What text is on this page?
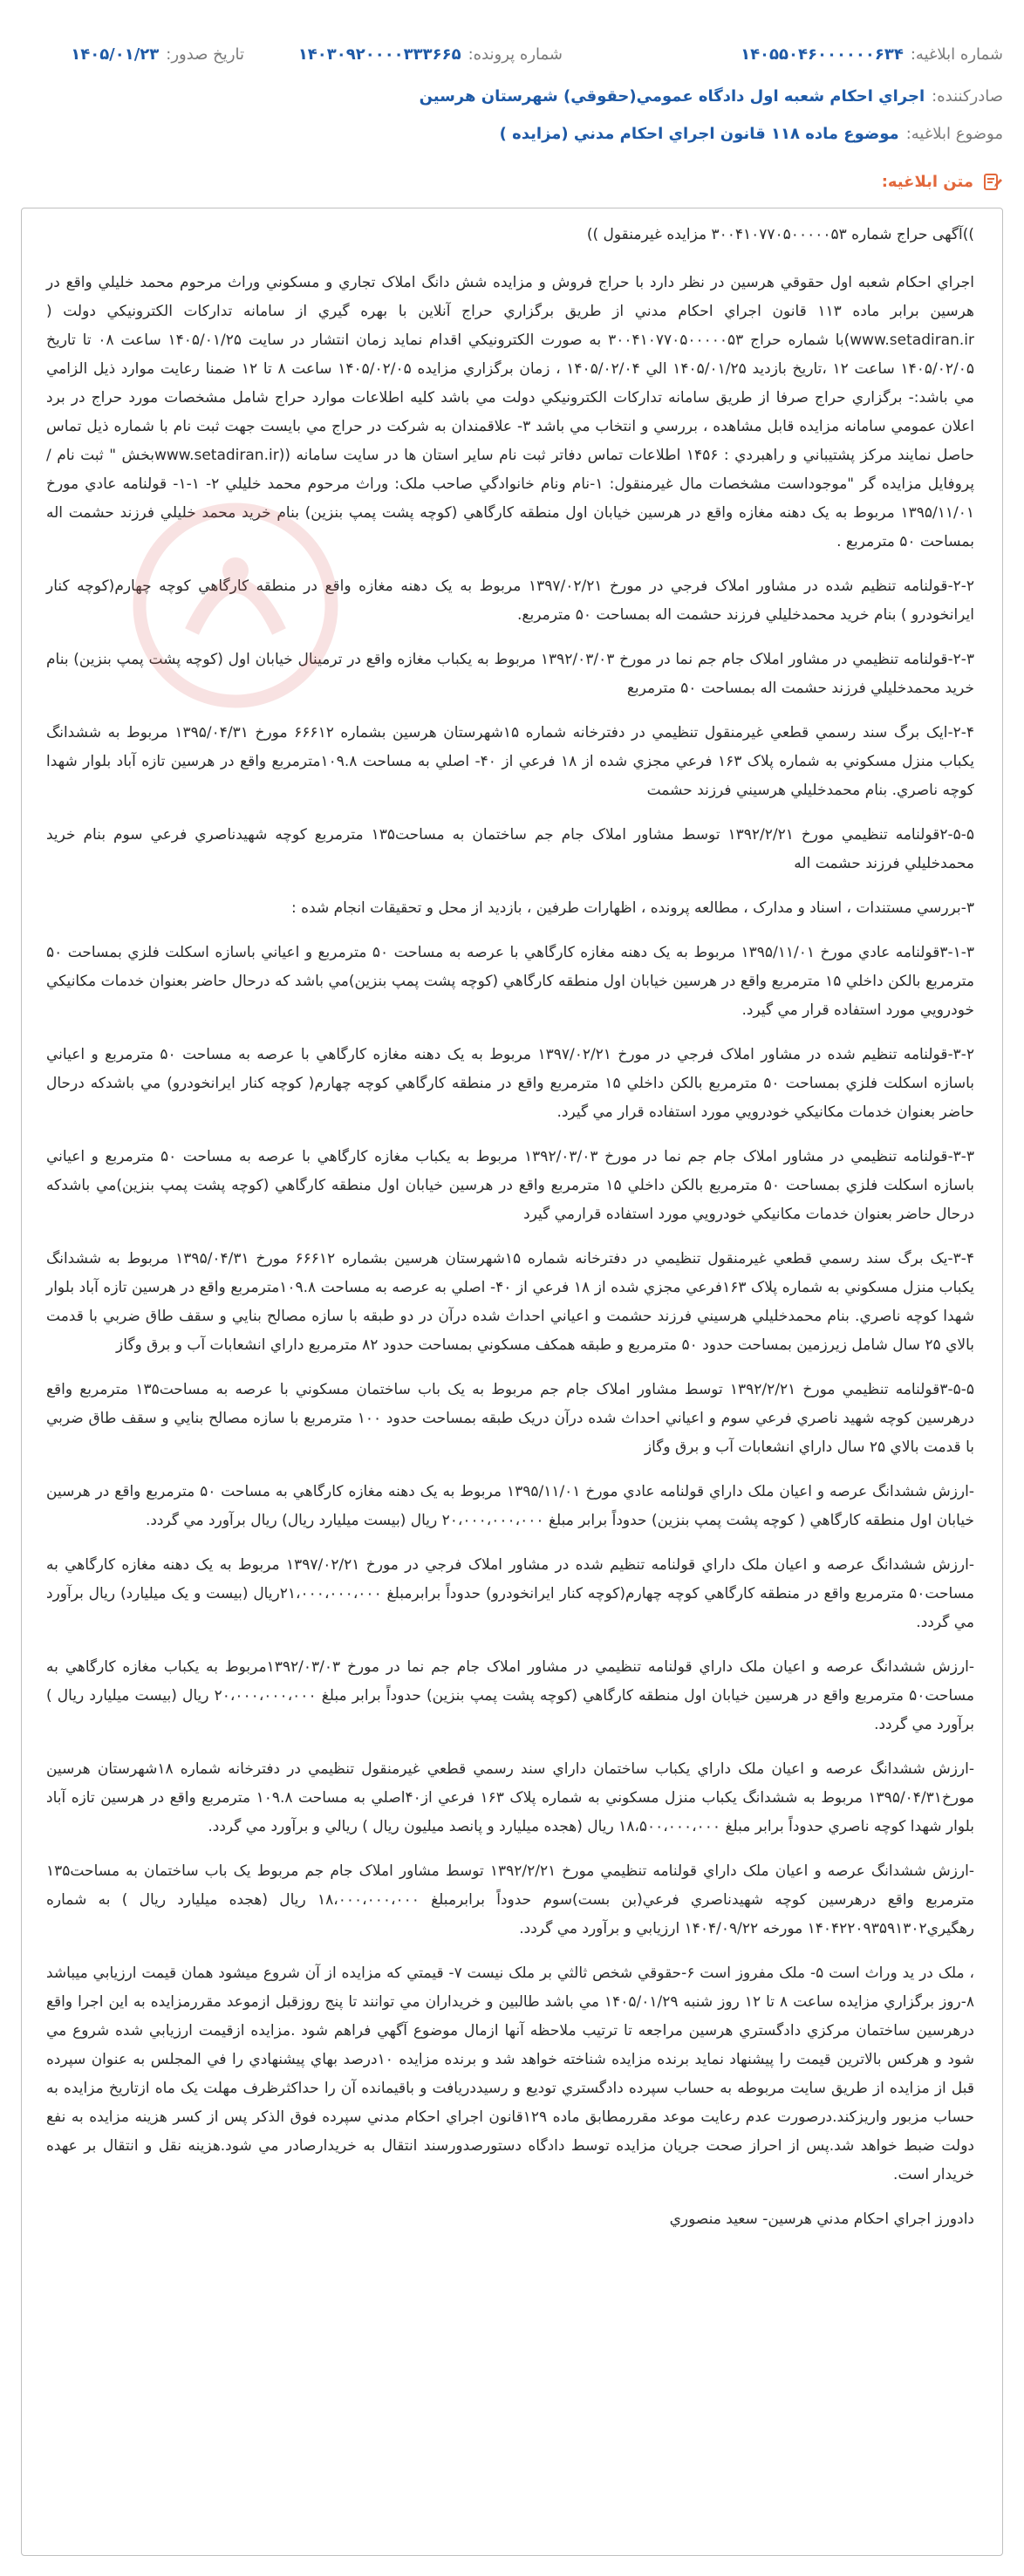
شماره ابلاغيه:
۱۴۰۵۵۰۴۶۰۰۰۰۰۰۶۳۴
شماره پرونده:
۱۴۰۳۰۹۲۰۰۰۰۳۳۳۶۶۵
تاريخ صدور:
۱۴۰۵/۰۱/۲۳
صادرکننده:
اجراي احکام شعبه اول دادگاه عمومي(حقوقي) شهرستان هرسين
موضوع ابلاغيه:
موضوع ماده ۱۱۸ قانون اجراي احکام مدني (مزايده )
متن ابلاغيه:

))آگهی حراج شماره ۳۰۰۴۱۰۷۷۰۵۰۰۰۰۰۵۳ مزایده غیرمنقول ))

اجراي احکام شعبه اول حقوقي هرسين در نظر دارد با حراج فروش و مزايده شش دانگ املاک تجاري و مسکوني وراث مرحوم محمد خليلي واقع در هرسين برابر ماده ۱۱۳ قانون اجراي احکام مدني از طريق برگزاري حراج آنلاين با بهره گيري از سامانه تدارکات الکترونيکي دولت ( www.setadiran.ir)با شماره حراج ۳۰۰۴۱۰۷۷۰۵۰۰۰۰۰۵۳ به صورت الکترونيکي اقدام نمايد زمان انتشار در سايت ۱۴۰۵/۰۱/۲۵ ساعت ۰۸ تا تاريخ ۱۴۰۵/۰۲/۰۵ ساعت ۱۲ ،تاريخ بازديد ۱۴۰۵/۰۱/۲۵ الي ۱۴۰۵/۰۲/۰۴ ، زمان برگزاري مزايده ۱۴۰۵/۰۲/۰۵ ساعت ۸ تا ۱۲ ضمنا رعايت موارد ذيل الزامي مي باشد:- برگزاري حراج صرفا از طريق سامانه تدارکات الکترونيکي دولت مي باشد کليه اطلاعات موارد حراج شامل مشخصات مورد حراج در برد اعلان عمومي سامانه مزايده قابل مشاهده ، بررسي و انتخاب مي باشد ۳- علاقمندان به شرکت در حراج مي بايست جهت ثبت نام با شماره ذيل تماس حاصل نمايند مرکز پشتيباني و راهبردي : ۱۴۵۶ اطلاعات تماس دفاتر ثبت نام ساير استان ها در سايت سامانه ((www.setadiran.irبخش " ثبت نام /پروفايل مزايده گر "موجوداست مشخصات مال غيرمنقول: ۱-نام ونام خانوادگي صاحب ملک: وراث مرحوم محمد خليلي ۲- ۱-۱- قولنامه عادي مورخ ۱۳۹۵/۱۱/۰۱ مربوط به يک دهنه مغازه واقع در هرسين خيابان اول منطقه کارگاهي (کوچه پشت پمپ بنزين) بنام خريد محمد خليلي فرزند حشمت اله بمساحت ۵۰ مترمربع .

۲-۲-قولنامه تنظيم شده در مشاور املاک فرجي در مورخ ۱۳۹۷/۰۲/۲۱ مربوط به يک دهنه مغازه واقع در منطقه کارگاهي کوچه چهارم(کوچه کنار ايرانخودرو ) بنام خريد محمدخليلي فرزند حشمت اله بمساحت ۵۰ مترمربع.

۲-۳-قولنامه تنظيمي در مشاور املاک جام جم نما در مورخ ۱۳۹۲/۰۳/۰۳ مربوط به يکباب مغازه واقع در ترمينال خيابان اول (کوچه پشت پمپ بنزين) بنام خريد محمدخليلي فرزند حشمت اله بمساحت ۵۰ مترمربع

۲-۴-ايک برگ سند رسمي قطعي غيرمنقول تنظيمي در دفترخانه شماره ۱۵شهرستان هرسين بشماره ۶۶۶۱۲ مورخ ۱۳۹۵/۰۴/۳۱ مربوط به ششدانگ يکباب منزل مسکوني به شماره پلاک ۱۶۳ فرعي مجزي شده از ۱۸ فرعي از ۴۰- اصلي به مساحت ۱۰۹.۸مترمربع واقع در هرسين تازه آباد بلوار شهدا کوچه ناصري. بنام محمدخليلي هرسيني فرزند حشمت

۲-۵-۵قولنامه تنظيمي مورخ ۱۳۹۲/۲/۲۱ توسط مشاور املاک جام جم ساختمان به مساحت۱۳۵ مترمربع کوچه شهيدناصري فرعي سوم بنام خريد محمدخليلي فرزند حشمت اله

۳-بررسي مستندات ، اسناد و مدارک ، مطالعه پرونده ، اظهارات طرفين ، بازديد از محل و تحقيقات انجام شده :

۳-۱-۳قولنامه عادي مورخ ۱۳۹۵/۱۱/۰۱ مربوط به يک دهنه مغازه کارگاهي با عرصه به مساحت ۵۰ مترمربع و اعياني باسازه اسکلت فلزي بمساحت ۵۰ مترمربع بالکن داخلي ۱۵ مترمربع واقع در هرسين خيابان اول منطقه کارگاهي (کوچه پشت پمپ بنزين)مي باشد که درحال حاضر بعنوان خدمات مکانيکي خودرويي مورد استفاده قرار مي گيرد.

۳-۲-قولنامه تنظيم شده در مشاور املاک فرجي در مورخ ۱۳۹۷/۰۲/۲۱ مربوط به يک دهنه مغازه کارگاهي با عرصه به مساحت ۵۰ مترمربع و اعياني باسازه اسکلت فلزي بمساحت ۵۰ مترمربع بالکن داخلي ۱۵ مترمربع واقع در منطقه کارگاهي کوچه چهارم( کوچه کنار ايرانخودرو) مي باشدکه درحال حاضر بعنوان خدمات مکانيکي خودرويي مورد استفاده قرار مي گيرد.

۳-۳-قولنامه تنظيمي در مشاور املاک جام جم نما در مورخ ۱۳۹۲/۰۳/۰۳ مربوط به يکباب مغازه کارگاهي با عرصه به مساحت ۵۰ مترمربع و اعياني باسازه اسکلت فلزي بمساحت ۵۰ مترمربع بالکن داخلي ۱۵ مترمربع واقع در هرسين خيابان اول منطقه کارگاهي (کوچه پشت پمپ بنزين)مي باشدکه درحال حاضر بعنوان خدمات مکانيکي خودرويي مورد استفاده قرارمي گيرد

۳-۴-يک برگ سند رسمي قطعي غيرمنقول تنظيمي در دفترخانه شماره ۱۵شهرستان هرسين بشماره ۶۶۶۱۲ مورخ ۱۳۹۵/۰۴/۳۱ مربوط به ششدانگ يکباب منزل مسکوني به شماره پلاک ۱۶۳فرعي مجزي شده از ۱۸ فرعي از ۴۰- اصلي به عرصه به مساحت ۱۰۹.۸مترمربع واقع در هرسين تازه آباد بلوار شهدا کوچه ناصري. بنام محمدخليلي هرسيني فرزند حشمت و اعياني احداث شده درآن در دو طبقه با سازه مصالح بنايي و سقف طاق ضربي با قدمت بالاي ۲۵ سال شامل زيرزمين بمساحت حدود ۵۰ مترمربع و طبقه همکف مسکوني بمساحت حدود ۸۲ مترمربع داراي انشعابات آب و برق وگاز

۳-۵-۵قولنامه تنظيمي مورخ ۱۳۹۲/۲/۲۱ توسط مشاور املاک جام جم مربوط به يک باب ساختمان مسکوني با عرصه به مساحت۱۳۵ مترمربع واقع درهرسين کوچه شهيد ناصري فرعي سوم و اعياني احداث شده درآن دريک طبقه بمساحت حدود ۱۰۰ مترمربع با سازه مصالح بنايي و سقف طاق ضربي با قدمت بالاي ۲۵ سال داراي انشعابات آب و برق وگاز

-ارزش ششدانگ عرصه و اعيان ملک داراي قولنامه عادي مورخ ۱۳۹۵/۱۱/۰۱ مربوط به يک دهنه مغازه کارگاهي به مساحت ۵۰ مترمربع واقع در هرسين خيابان اول منطقه کارگاهي ( کوچه پشت پمپ بنزين) حدوداً برابر مبلغ ۲۰،۰۰۰،۰۰۰،۰۰۰ ريال (بيست ميليارد ريال) ريال برآورد مي گردد.

-ارزش ششدانگ عرصه و اعيان ملک داراي قولنامه تنظيم شده در مشاور املاک فرجي در مورخ ۱۳۹۷/۰۲/۲۱ مربوط به يک دهنه مغازه کارگاهي به مساحت۵۰ مترمربع واقع در منطقه کارگاهي کوچه چهارم(کوچه کنار ايرانخودرو) حدوداً برابرمبلغ ۲۱،۰۰۰،۰۰۰،۰۰۰ريال (بيست و يک ميليارد) ريال برآورد مي گردد.

-ارزش ششدانگ عرصه و اعيان ملک داراي قولنامه تنظيمي در مشاور املاک جام جم نما در مورخ ۱۳۹۲/۰۳/۰۳مربوط به يکباب مغازه کارگاهي به مساحت۵۰ مترمربع واقع در هرسين خيابان اول منطقه کارگاهي (کوچه پشت پمپ بنزين) حدوداً برابر مبلغ ۲۰،۰۰۰،۰۰۰،۰۰۰ ريال (بيست ميليارد ريال ) برآورد مي گردد.

-ارزش ششدانگ عرصه و اعيان ملک داراي يکباب ساختمان داراي سند رسمي قطعي غيرمنقول تنظيمي در دفترخانه شماره ۱۸شهرستان هرسين مورخ۱۳۹۵/۰۴/۳۱ مربوط به ششدانگ يکباب منزل مسکوني به شماره پلاک ۱۶۳ فرعي از۴۰اصلي به مساحت ۱۰۹.۸ مترمربع واقع در هرسين تازه آباد بلوار شهدا کوچه ناصري حدوداً برابر مبلغ ۱۸،۵۰۰،۰۰۰،۰۰۰ ريال (هجده ميليارد و پانصد ميليون ريال ) ريالي و برآورد مي گردد.

-ارزش ششدانگ عرصه و اعيان ملک داراي قولنامه تنظيمي مورخ ۱۳۹۲/۲/۲۱ توسط مشاور املاک جام جم مربوط يک باب ساختمان به مساحت۱۳۵ مترمربع واقع درهرسين کوچه شهيدناصري فرعي(بن بست)سوم حدوداً برابرمبلغ ۱۸،۰۰۰،۰۰۰،۰۰۰ ريال (هجده ميليارد ريال ) به شماره رهگيري۱۴۰۴۲۲۰۹۳۵۹۱۳۰۲ مورخه ۱۴۰۴/۰۹/۲۲ ارزيابي و برآورد مي گردد.

، ملک در يد وراث است ۵- ملک مفروز است ۶-حقوقي شخص ثالثي بر ملک نيست ۷- قيمتي که مزايده از آن شروع ميشود همان قيمت ارزيابي ميباشد ۸-روز برگزاري مزايده ساعت ۸ تا ۱۲ روز شنبه ۱۴۰۵/۰۱/۲۹ مي باشد طالبين و خريداران مي توانند تا پنج روزقبل ازموعد مقررمزايده به اين اجرا واقع درهرسين ساختمان مرکزي دادگستري هرسين مراجعه تا ترتيب ملاحظه آنها ازمال موضوع آگهي فراهم شود .مزايده ازقيمت ارزيابي شده شروع مي شود و هرکس بالاترين قيمت را پيشنهاد نمايد برنده مزايده شناخته خواهد شد و برنده مزايده ۱۰درصد بهاي پيشنهادي را في المجلس به عنوان سپرده قبل از مزايده از طريق سايت مربوطه به حساب سپرده دادگستري توديع و رسيددريافت و باقيمانده آن را حداکثرظرف مهلت يک ماه ازتاريخ مزايده به حساب مزبور واريزکند.درصورت عدم رعايت موعد مقررمطابق ماده ۱۲۹قانون اجراي احکام مدني سپرده فوق الذکر پس از کسر هزينه مزايده به نفع دولت ضبط خواهد شد.پس از احراز صحت جريان مزايده توسط دادگاه دستورصدورسند انتقال به خريدارصادر مي شود.هزينه نقل و انتقال بر عهده خريدار است.

دادورز اجراي احکام مدني هرسين- سعيد منصوري
